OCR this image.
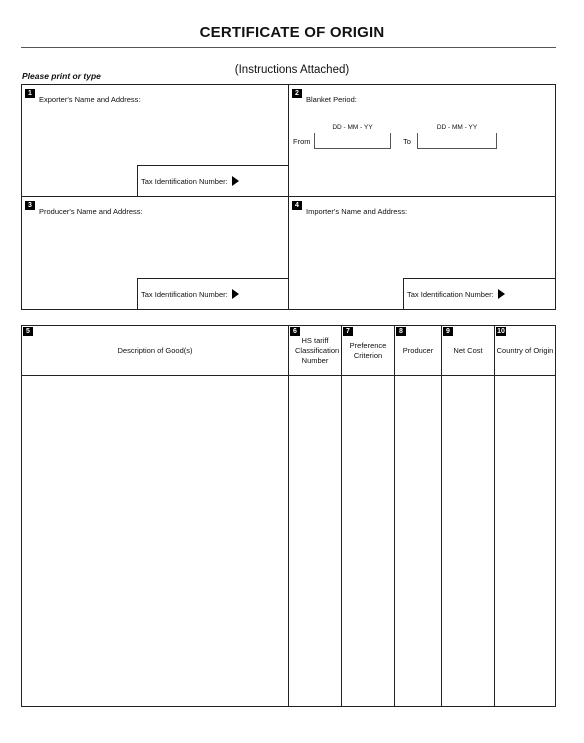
CERTIFICATE OF ORIGIN
Please print or type	(Instructions Attached)
1Exporter's Name and Address:
Tax Identification Number:
2Blanket Period:
From
DD - MM - YY
To
DD - MM - YY
3Producer's Name and Address:
Tax Identification Number:
4Importer's Name and Address:
Tax Identification Number:
5
Description of Good(s)
6
HS tariff Classification Number
7
Preference Criterion
8
Producer
9
Net Cost
10
Country of Origin
